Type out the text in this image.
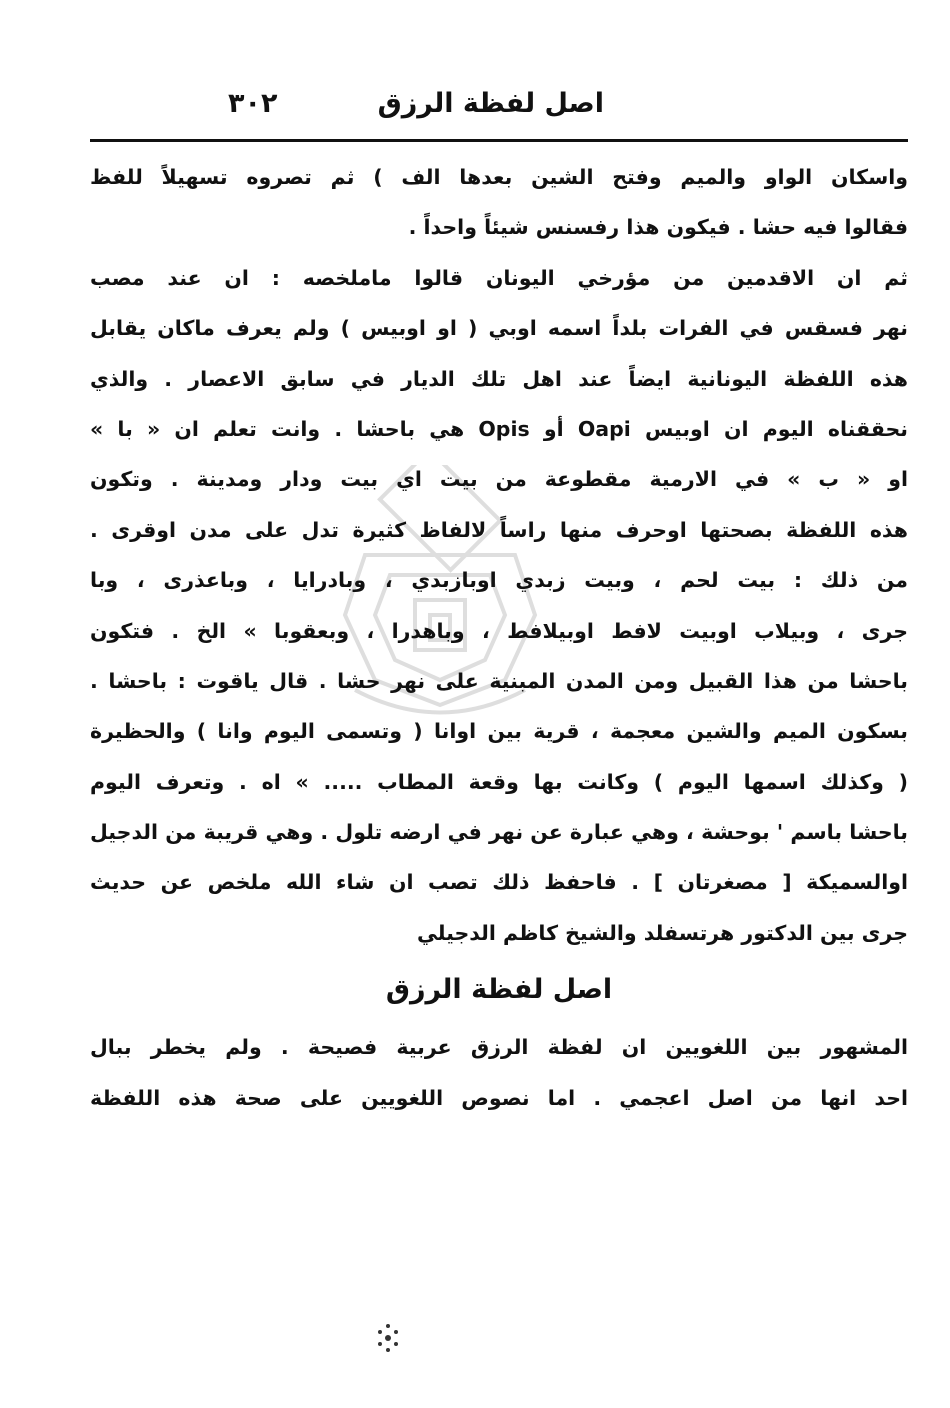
اصل لفظة الرزق
٣٠٢
واسكان الواو والميم وفتح الشين بعدها الف ) ثم تصروه تسهيلاً للفظ
فقالوا فيه حشا . فيكون هذا رفسنس شيئاً واحداً .
ثم ان الاقدمين من مؤرخي اليونان قالوا ماملخصه : ان عند مصب
نهر فسقس في الفرات بلداً اسمه اوبي ( او اوبيس ) ولم يعرف ماكان يقابل
هذه اللفظة اليونانية ايضاً عند اهل تلك الديار في سابق الاعصار . والذي
نحققناه اليوم ان اوبيس Oapi أو Opis هي باحشا . وانت تعلم ان « با »
او « ب » في الارمية مقطوعة من بيت اي بيت ودار ومدينة . وتكون
هذه اللفظة بصحتها اوحرف منها راساً لالفاظ كثيرة تدل على مدن اوقرى .
من ذلك : بيت لحم ، وبيت زبدي اوبازبدي ، وبادرايا ، وباعذرى ، وبا
جرى ، وبيلاب اوبيت لافط اوبيلافط ، وباهدرا ، وبعقوبا » الخ . فتكون
باحشا من هذا القبيل ومن المدن المبنية على نهر حشا . قال ياقوت : باحشا .
بسكون الميم والشين معجمة ، قرية بين اوانا ( وتسمى اليوم وانا ) والحظيرة
( وكذلك اسمها اليوم ) وكانت بها وقعة المطاب ..... » اه . وتعرف اليوم
باحشا باسم ' بوحشة ، وهي عبارة عن نهر في ارضه تلول . وهي قريبة من الدجيل
اوالسميكة [ مصغرتان ] . فاحفظ ذلك تصب ان شاء الله ملخص عن حديث
جرى بين الدكتور هرتسفلد والشيخ كاظم الدجيلي
اصل لفظة الرزق
المشهور بين اللغويين ان لفظة الرزق عربية فصيحة . ولم يخطر ببال
احد انها من اصل اعجمي . اما نصوص اللغويين على صحة هذه اللفظة
